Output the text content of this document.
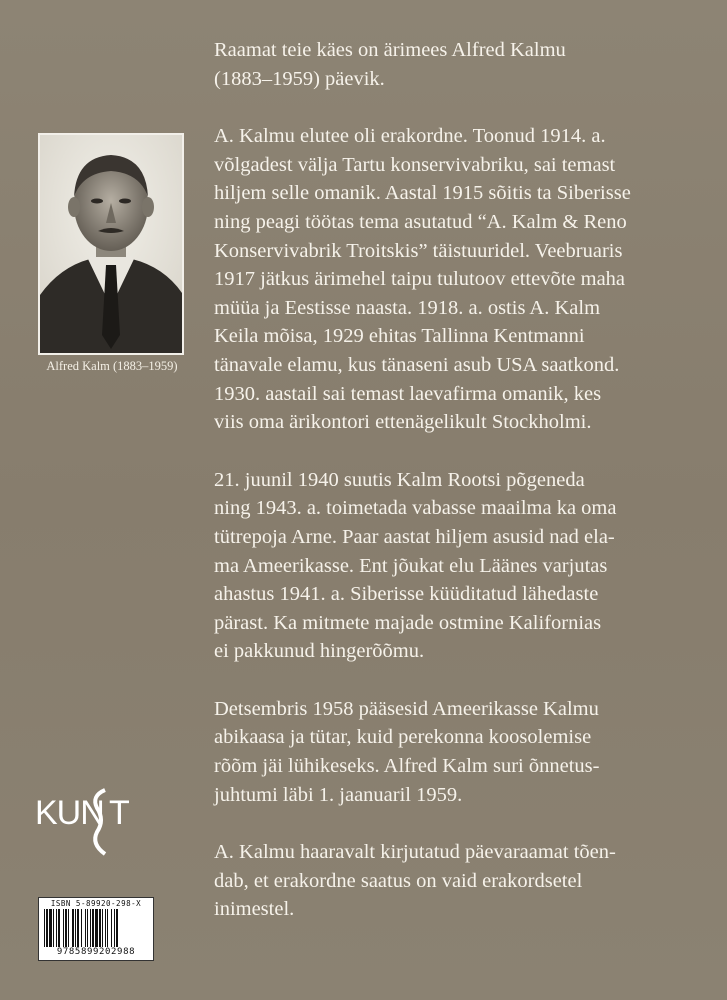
Alfred Kalm (1883–1959)
Raamat teie käes on ärimees Alfred Kalmu
(1883–1959) päevik.
A. Kalmu elutee oli erakordne. Toonud 1914. a.
võlgadest välja Tartu konservivabriku, sai temast
hiljem selle omanik. Aastal 1915 sõitis ta Siberisse
ning peagi töötas tema asutatud “A. Kalm & Reno
Konservivabrik Troitskis” täistuuridel. Veebruaris
1917 jätkus ärimehel taipu tulutoov ettevõte maha
müüa ja Eestisse naasta. 1918. a. ostis A. Kalm
Keila mõisa, 1929 ehitas Tallinna Kentmanni
tänavale elamu, kus tänaseni asub USA saatkond.
1930. aastail sai temast laevafirma omanik, kes
viis oma ärikontori ettenägelikult Stockholmi.
21. juunil 1940 suutis Kalm Rootsi põgeneda
ning 1943. a. toimetada vabasse maailma ka oma
tütrepoja Arne. Paar aastat hiljem asusid nad ela-
ma Ameerikasse. Ent jõukat elu Läänes varjutas
ahastus 1941. a. Siberisse küüditatud lähedaste
pärast. Ka mitmete majade ostmine Kalifornias
ei pakkunud hingerõõmu.
Detsembris 1958 pääsesid Ameerikasse Kalmu
abikaasa ja tütar, kuid perekonna koosolemise
rõõm jäi lühikeseks. Alfred Kalm suri õnnetus-
juhtumi läbi 1. jaanuaril 1959.
A. Kalmu haaravalt kirjutatud päevaraamat tõen-
dab, et erakordne saatus on vaid erakordsetel
inimestel.
KUN T
ISBN 5-89920-298-X
9785899202988
